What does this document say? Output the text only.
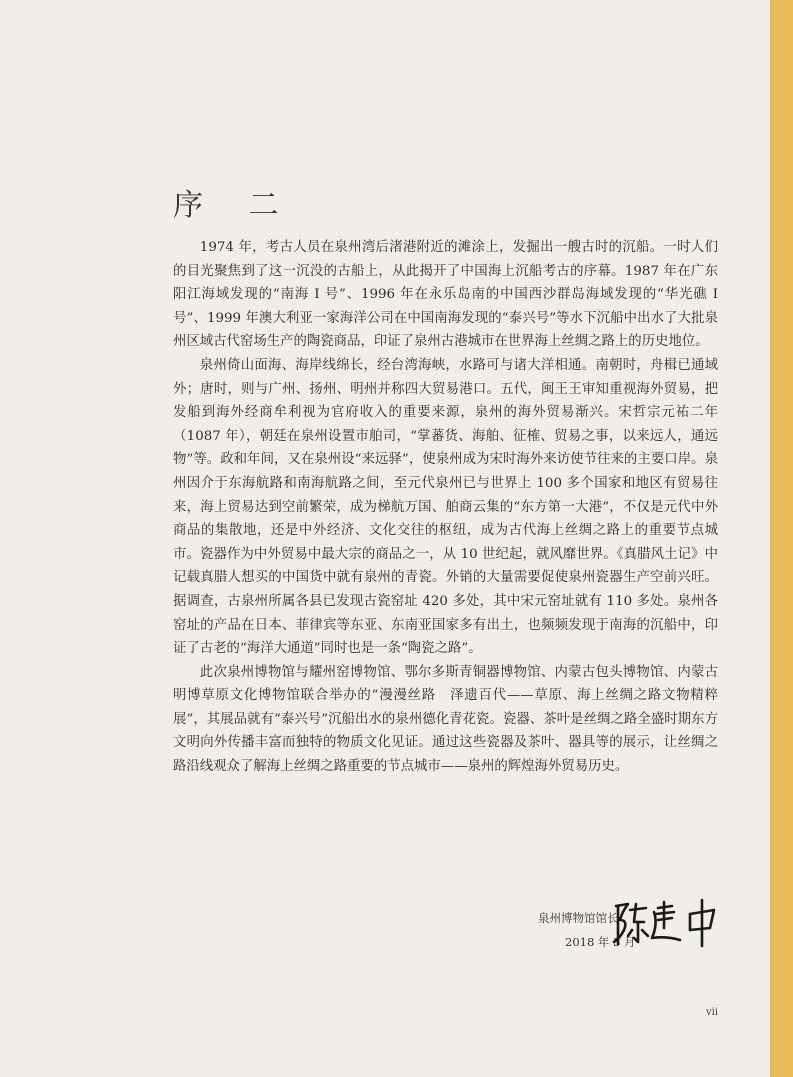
序 二

1974 年，考古人员在泉州湾后渚港附近的滩涂上，发掘出一艘古时的沉船。一时人们的目光聚焦到了这一沉没的古船上，从此揭开了中国海上沉船考古的序幕。1987 年在广东阳江海域发现的“南海 I 号”、1996 年在永乐岛南的中国西沙群岛海域发现的“华光礁 I 号”、1999 年澳大利亚一家海洋公司在中国南海发现的“泰兴号”等水下沉船中出水了大批泉州区域古代窑场生产的陶瓷商品，印证了泉州古港城市在世界海上丝绸之路上的历史地位。

泉州倚山面海、海岸线绵长，经台湾海峡，水路可与诸大洋相通。南朝时，舟楫已通域外；唐时，则与广州、扬州、明州并称四大贸易港口。五代，闽王王审知重视海外贸易，把发船到海外经商牟利视为官府收入的重要来源，泉州的海外贸易渐兴。宋哲宗元祐二年（1087 年），朝廷在泉州设置市舶司，“掌蕃货、海舶、征榷、贸易之事，以来远人，通远物”等。政和年间，又在泉州设“来远驿”，使泉州成为宋时海外来访使节往来的主要口岸。泉州因介于东海航路和南海航路之间，至元代泉州已与世界上 100 多个国家和地区有贸易往来，海上贸易达到空前繁荣，成为梯航万国、舶商云集的“东方第一大港”，不仅是元代中外商品的集散地，还是中外经济、文化交往的枢纽，成为古代海上丝绸之路上的重要节点城市。瓷器作为中外贸易中最大宗的商品之一，从 10 世纪起，就风靡世界。《真腊风土记》中记载真腊人想买的中国货中就有泉州的青瓷。外销的大量需要促使泉州瓷器生产空前兴旺。据调查，古泉州所属各县已发现古瓷窑址 420 多处，其中宋元窑址就有 110 多处。泉州各窑址的产品在日本、菲律宾等东亚、东南亚国家多有出土，也频频发现于南海的沉船中，印证了古老的“海洋大通道”同时也是一条“陶瓷之路”。

此次泉州博物馆与耀州窑博物馆、鄂尔多斯青铜器博物馆、内蒙古包头博物馆、内蒙古明博草原文化博物馆联合举办的“漫漫丝路　泽遗百代——草原、海上丝绸之路文物精粹展”，其展品就有“泰兴号”沉船出水的泉州德化青花瓷。瓷器、茶叶是丝绸之路全盛时期东方文明向外传播丰富而独特的物质文化见证。通过这些瓷器及茶叶、器具等的展示，让丝绸之路沿线观众了解海上丝绸之路重要的节点城市——泉州的辉煌海外贸易历史。

泉州博物馆馆长
2018 年 3 月
vii
